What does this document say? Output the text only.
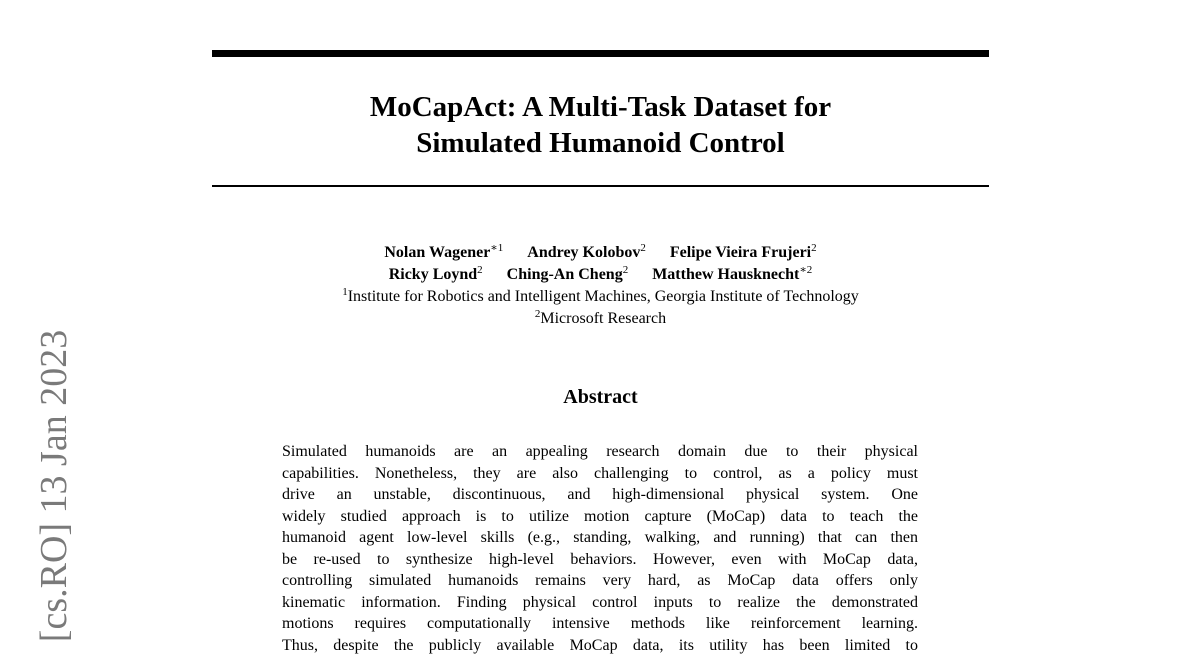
[cs.RO] 13 Jan 2023
MoCapAct: A Multi-Task Dataset for
Simulated Humanoid Control
Nolan Wagener$^{∗1}$ Andrey Kolobov$^2$ Felipe Vieira Frujeri$^2$
Ricky Loynd$^2$ Ching-An Cheng$^2$ Matthew Hausknecht$^{∗2}$
$^1$Institute for Robotics and Intelligent Machines, Georgia Institute of Technology
$^2$Microsoft Research
Abstract
Simulated humanoids are an appealing research domain due to their physical
capabilities. Nonetheless, they are also challenging to control, as a policy must
drive an unstable, discontinuous, and high-dimensional physical system. One
widely studied approach is to utilize motion capture (MoCap) data to teach the
humanoid agent low-level skills (e.g., standing, walking, and running) that can then
be re-used to synthesize high-level behaviors. However, even with MoCap data,
controlling simulated humanoids remains very hard, as MoCap data offers only
kinematic information. Finding physical control inputs to realize the demonstrated
motions requires computationally intensive methods like reinforcement learning.
Thus, despite the publicly available MoCap data, its utility has been limited to
